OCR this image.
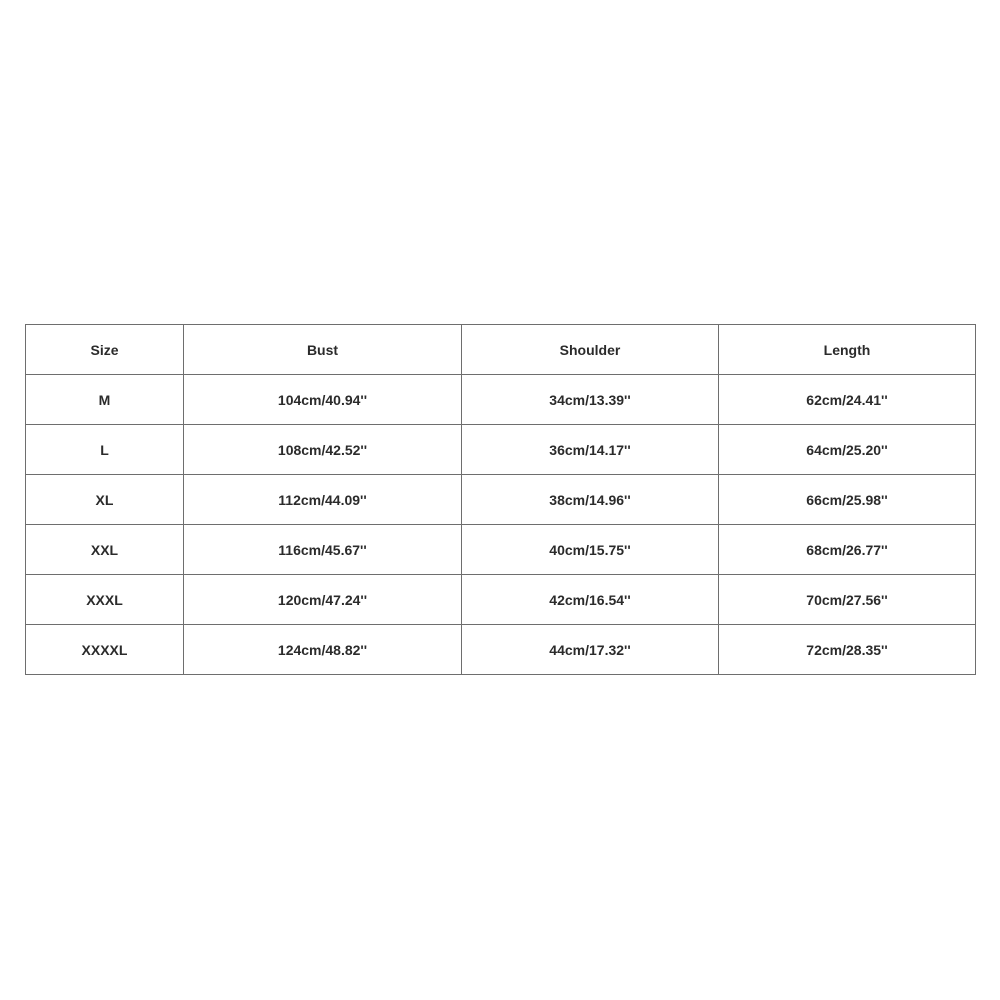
Size	Bust	Shoulder	Length
M	104cm/40.94''	34cm/13.39''	62cm/24.41''
L	108cm/42.52''	36cm/14.17''	64cm/25.20''
XL	112cm/44.09''	38cm/14.96''	66cm/25.98''
XXL	116cm/45.67''	40cm/15.75''	68cm/26.77''
XXXL	120cm/47.24''	42cm/16.54''	70cm/27.56''
XXXXL	124cm/48.82''	44cm/17.32''	72cm/28.35''
